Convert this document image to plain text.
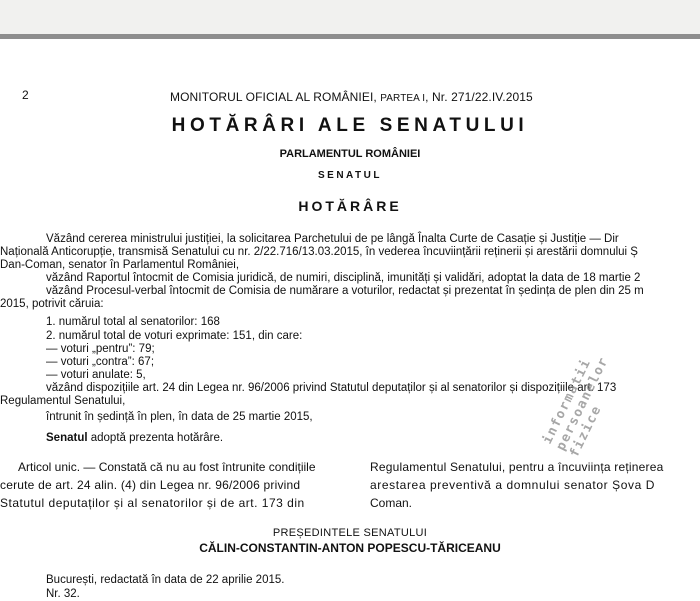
2	MONITORUL OFICIAL AL ROMÂNIEI, PARTEA I, Nr. 271/22.IV.2015
HOTĂRÂRI ALE SENATULUI
PARLAMENTUL ROMÂNIEI
SENATUL
HOTĂRÂRE
Văzând cererea ministrului justiției, la solicitarea Parchetului de pe lângă Înalta Curte de Casație și Justiție — Dir
Națională Anticorupție, transmisă Senatului cu nr. 2/22.716/13.03.2015, în vederea încuviințării reținerii și arestării domnului Ș
Dan-Coman, senator în Parlamentul României,
văzând Raportul întocmit de Comisia juridică, de numiri, disciplină, imunități și validări, adoptat la data de 18 martie 2
văzând Procesul-verbal întocmit de Comisia de numărare a voturilor, redactat și prezentat în ședința de plen din 25 m
2015, potrivit căruia:
1. numărul total al senatorilor: 168
2. numărul total de voturi exprimate: 151, din care:
— voturi „pentru”: 79;
— voturi „contra”: 67;
— voturi anulate: 5,
văzând dispozițiile art. 24 din Legea nr. 96/2006 privind Statutul deputaților și al senatorilor și dispozițiile art. 173
Regulamentul Senatului,
întrunit în ședință în plen, în data de 25 martie 2015,
Senatul adoptă prezenta hotărâre.
Articol unic. — Constată că nu au fost întrunite condițiile
cerute de art. 24 alin. (4) din Legea nr. 96/2006 privind
Statutul deputaților și al senatorilor și de art. 173 din
Regulamentul Senatului, pentru a încuviința reținerea
arestarea preventivă a domnului senator Șova D
Coman.
PREȘEDINTELE SENATULUI
CĂLIN-CONSTANTIN-ANTON POPESCU-TĂRICEANU
București, redactată în data de 22 aprilie 2015.
Nr. 32.
informatii persoanelor fizice
